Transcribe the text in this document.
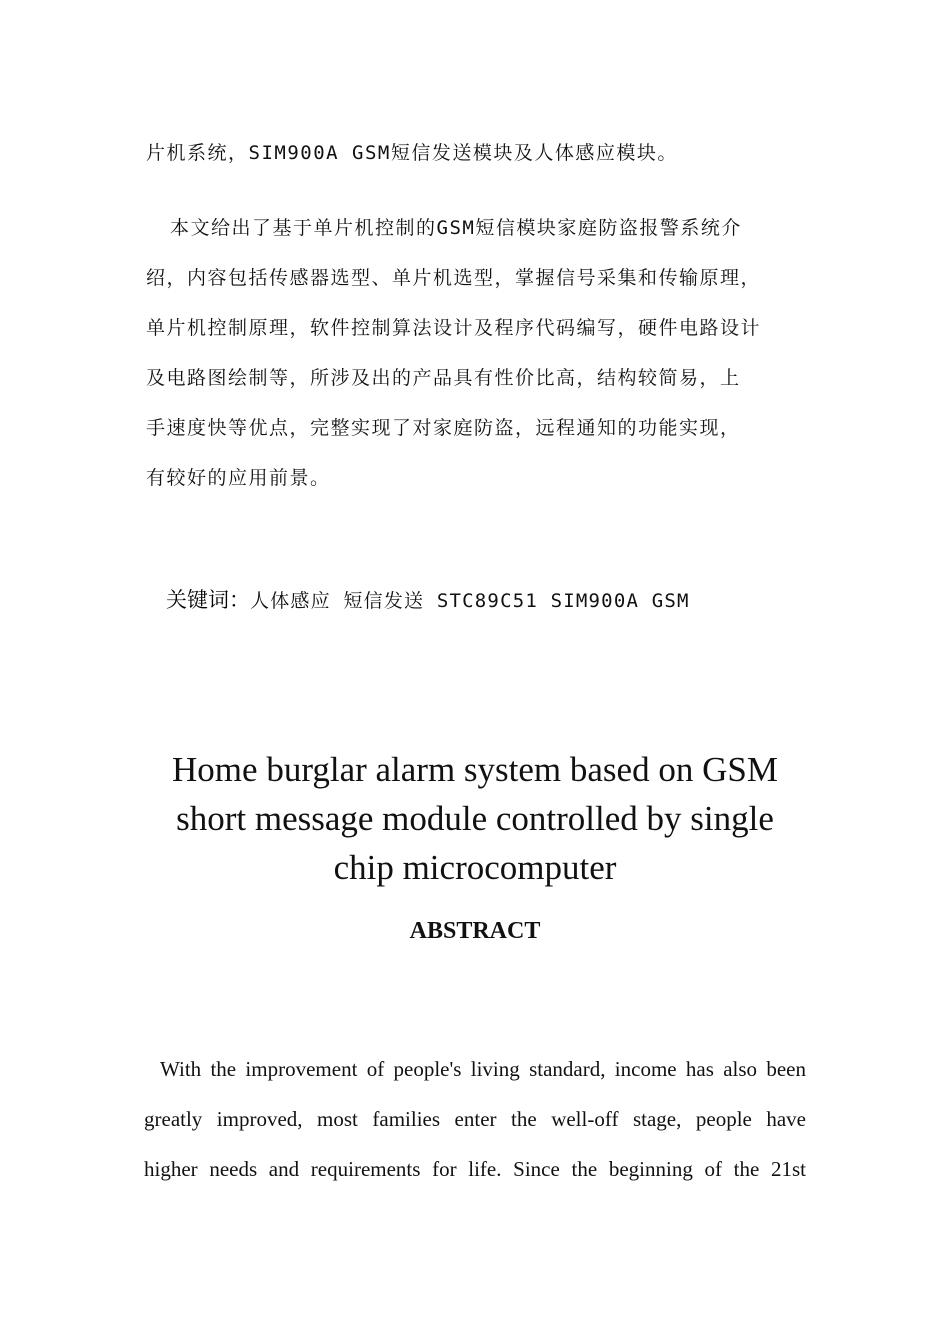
片机系统，SIM900A GSM短信发送模块及人体感应模块。

本文给出了基于单片机控制的GSM短信模块家庭防盗报警系统介
绍，内容包括传感器选型、单片机选型，掌握信号采集和传输原理，
单片机控制原理，软件控制算法设计及程序代码编写，硬件电路设计
及电路图绘制等，所涉及出的产品具有性价比高，结构较简易，上
手速度快等优点，完整实现了对家庭防盗，远程通知的功能实现，
有较好的应用前景。
关键词：人体感应 短信发送 STC89C51 SIM900A GSM
Home burglar alarm system based on GSM
short message module controlled by single
chip microcomputer
ABSTRACT
With the improvement of people's living standard, income has also been
greatly improved, most families enter the well-off stage, people have
higher needs and requirements for life. Since the beginning of the 21st
